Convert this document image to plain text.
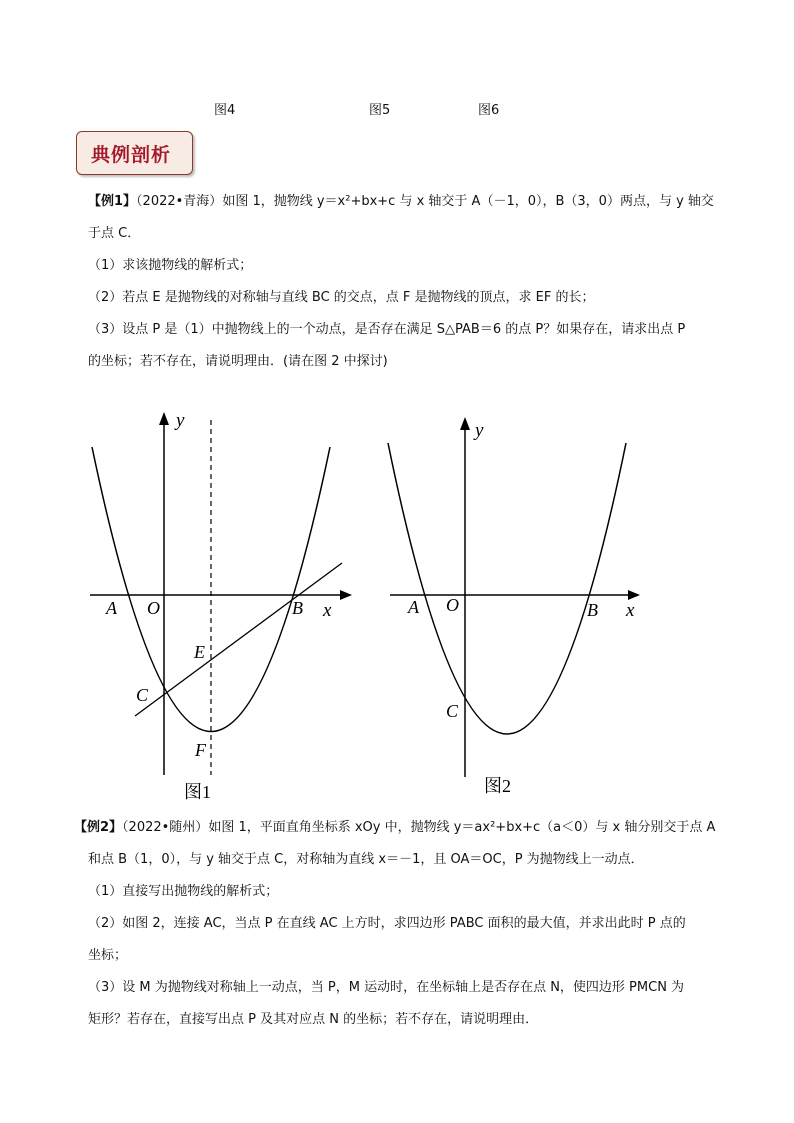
图4	图5	图6
典例剖析
【例1】（2022•青海）如图 1，抛物线 y＝x²+bx+c 与 x 轴交于 A（－1，0），B（3，0）两点，与 y 轴交
于点 C．
（1）求该抛物线的解析式；
（2）若点 E 是抛物线的对称轴与直线 BC 的交点，点 F 是抛物线的顶点，求 EF 的长；
（3）设点 P 是（1）中抛物线上的一个动点，是否存在满足 S△PAB＝6 的点 P？如果存在，请求出点 P
的坐标；若不存在，请说明理由．(请在图 2 中探讨)
y
x
A O	B
E
C
F
图1
y
x
A O	B
C
图2
【例2】（2022•随州）如图 1，平面直角坐标系 xOy 中，抛物线 y＝ax²+bx+c（a＜0）与 x 轴分别交于点 A
和点 B（1，0），与 y 轴交于点 C，对称轴为直线 x＝－1，且 OA＝OC，P 为抛物线上一动点．
（1）直接写出抛物线的解析式；
（2）如图 2，连接 AC，当点 P 在直线 AC 上方时，求四边形 PABC 面积的最大值，并求出此时 P 点的
坐标；
（3）设 M 为抛物线对称轴上一动点，当 P，M 运动时，在坐标轴上是否存在点 N，使四边形 PMCN 为
矩形？若存在，直接写出点 P 及其对应点 N 的坐标；若不存在，请说明理由．
